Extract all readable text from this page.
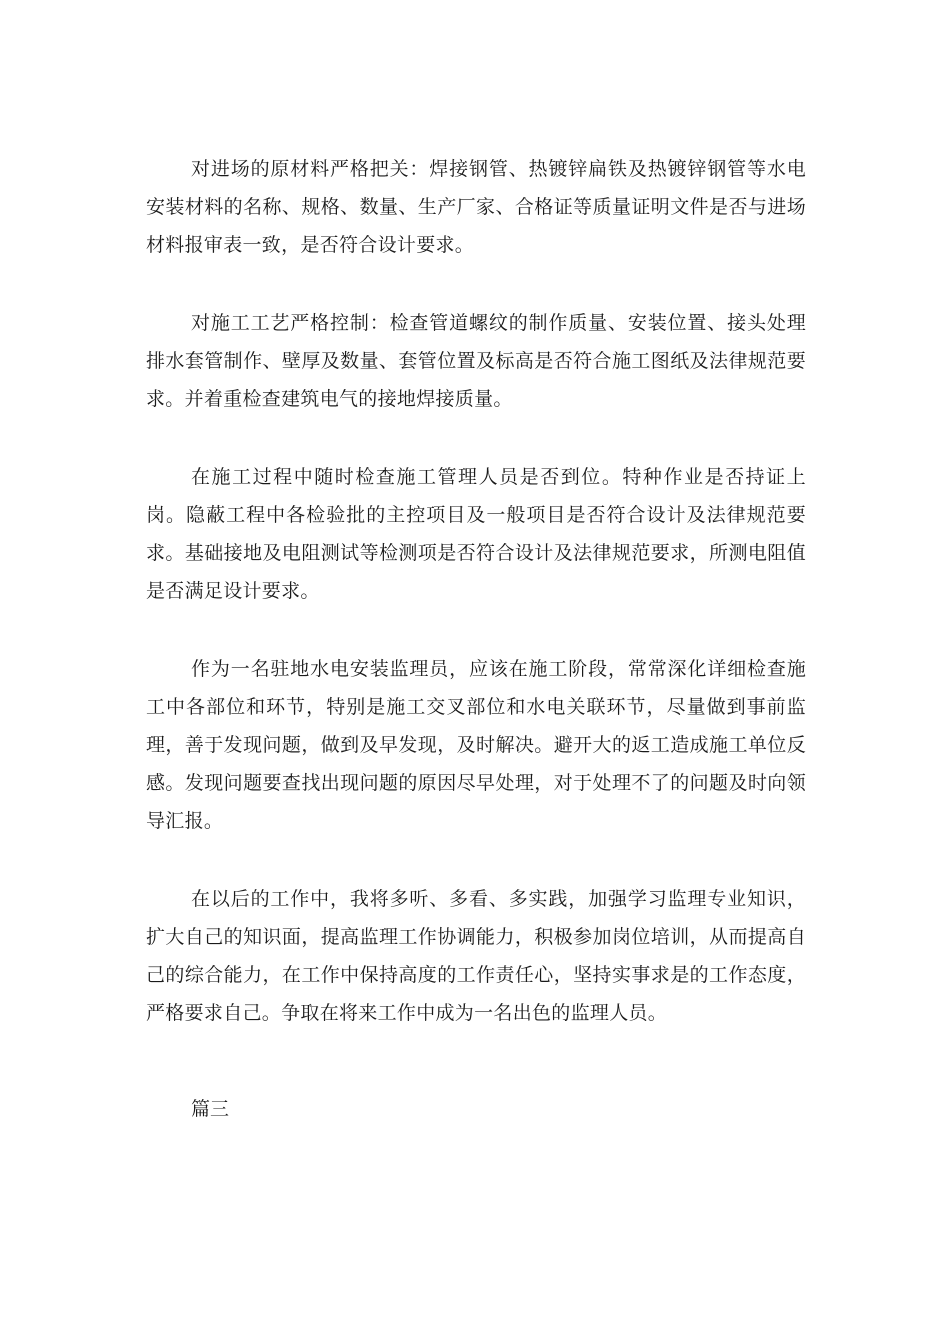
对进场的原材料严格把关：焊接钢管、热镀锌扁铁及热镀锌钢管等水电安装材料的名称、规格、数量、生产厂家、合格证等质量证明文件是否与进场材料报审表一致，是否符合设计要求。

对施工工艺严格控制：检查管道螺纹的制作质量、安装位置、接头处理排水套管制作、壁厚及数量、套管位置及标高是否符合施工图纸及法律规范要求。并着重检查建筑电气的接地焊接质量。

在施工过程中随时检查施工管理人员是否到位。特种作业是否持证上岗。隐蔽工程中各检验批的主控项目及一般项目是否符合设计及法律规范要求。基础接地及电阻测试等检测项是否符合设计及法律规范要求，所测电阻值是否满足设计要求。

作为一名驻地水电安装监理员，应该在施工阶段，常常深化详细检查施工中各部位和环节，特别是施工交叉部位和水电关联环节，尽量做到事前监理，善于发现问题，做到及早发现，及时解决。避开大的返工造成施工单位反感。发现问题要查找出现问题的原因尽早处理，对于处理不了的问题及时向领导汇报。

在以后的工作中，我将多听、多看、多实践，加强学习监理专业知识，扩大自己的知识面，提高监理工作协调能力，积极参加岗位培训，从而提高自己的综合能力，在工作中保持高度的工作责任心，坚持实事求是的工作态度，严格要求自己。争取在将来工作中成为一名出色的监理人员。

篇三
